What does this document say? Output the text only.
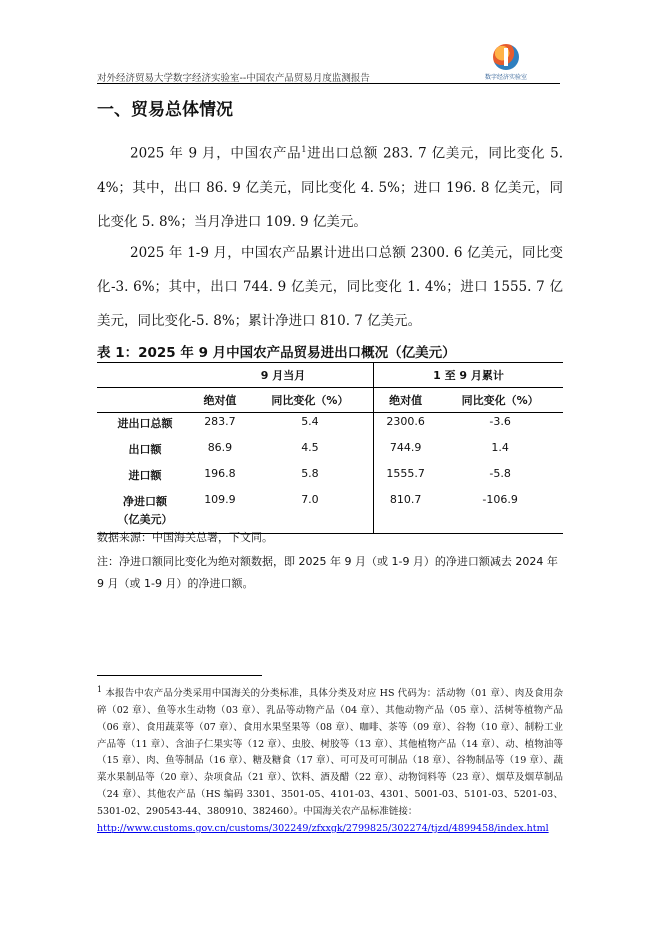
对外经济贸易大学数字经济实验室--中国农产品贸易月度监测报告	数字经济实验室
一、贸易总体情况

2025 年 9 月，中国农产品$^1$进出口总额 283. 7 亿美元，同比变化 5. 4%；其中，出口 86. 9 亿美元，同比变化 4. 5%；进口 196. 8 亿美元，同比变化 5. 8%；当月净进口 109. 9 亿美元。

2025 年 1-9 月，中国农产品累计进出口总额 2300. 6 亿美元，同比变化-3. 6%；其中，出口 744. 9 亿美元，同比变化 1. 4%；进口 1555. 7 亿美元，同比变化-5. 8%；累计净进口 810. 7 亿美元。

表 1：2025 年 9 月中国农产品贸易进出口概况（亿美元）
	9 月当月		1 至 9 月累计	
	绝对值	同比变化（%）	绝对值	同比变化（%）
进出口总额	283.7	5.4	2300.6	-3.6
出口额	86.9	4.5	744.9	1.4
进口额	196.8	5.8	1555.7	-5.8

净进口额
（亿美元）	109.9	7.0	810.7	-106.9
数据来源：中国海关总署，下文同。
注：净进口额同比变化为绝对额数据，即 2025 年 9 月（或 1-9 月）的净进口额减去 2024 年 9 月（或 1-9 月）的净进口额。
$^1$ 本报告中农产品分类采用中国海关的分类标准，具体分类及对应 HS 代码为：活动物（01 章）、肉及食用杂碎（02 章）、鱼等水生动物（03 章）、乳品等动物产品（04 章）、其他动物产品（05 章）、活树等植物产品（06 章）、食用蔬菜等（07 章）、食用水果坚果等（08 章）、咖啡、茶等（09 章）、谷物（10 章）、制粉工业产品等（11 章）、含油子仁果实等（12 章）、虫胶、树胶等（13 章）、其他植物产品（14 章）、动、植物油等（15 章）、肉、鱼等制品（16 章）、糖及糖食（17 章）、可可及可可制品（18 章）、谷物制品等（19 章）、蔬菜水果制品等（20 章）、杂项食品（21 章）、饮料、酒及醋（22 章）、动物饲料等（23 章）、烟草及烟草制品（24 章）、其他农产品（HS 编码 3301、3501-05、4101-03、4301、5001-03、5101-03、5201-03、5301-02、290543-44、380910、382460）。中国海关农产品标准链接：
http://www.customs.gov.cn/customs/302249/zfxxgk/2799825/302274/tjzd/4899458/index.html
